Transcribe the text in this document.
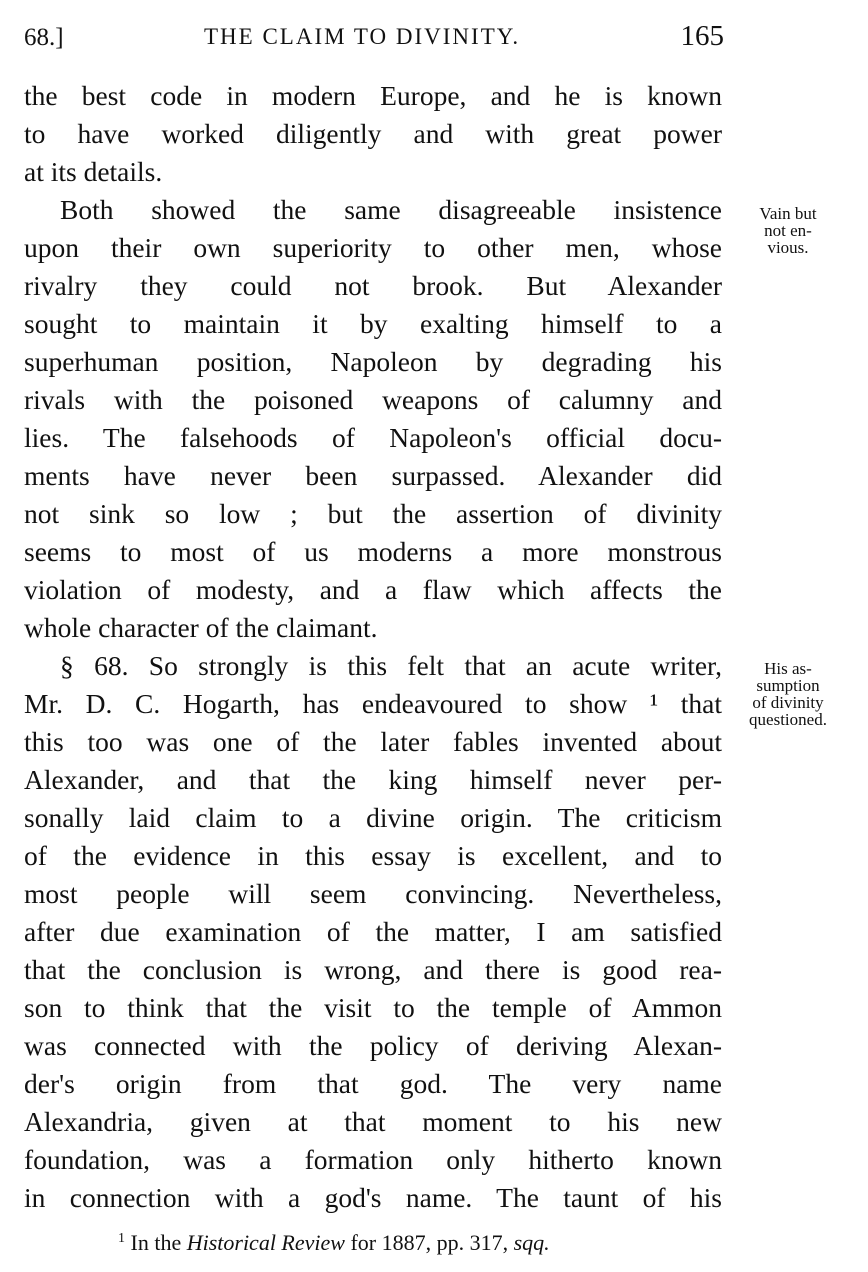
68.]	THE CLAIM TO DIVINITY.	165
the best code in modern Europe, and he is known
to have worked diligently and with great power
at its details.
Both showed the same disagreeable insistence
upon their own superiority to other men, whose
rivalry they could not brook. But Alexander
sought to maintain it by exalting himself to a
superhuman position, Napoleon by degrading his
rivals with the poisoned weapons of calumny and
lies. The falsehoods of Napoleon's official docu-
ments have never been surpassed. Alexander did
not sink so low ; but the assertion of divinity
seems to most of us moderns a more monstrous
violation of modesty, and a flaw which affects the
whole character of the claimant.
§ 68. So strongly is this felt that an acute writer,
Mr. D. C. Hogarth, has endeavoured to show ¹ that
this too was one of the later fables invented about
Alexander, and that the king himself never per-
sonally laid claim to a divine origin. The criticism
of the evidence in this essay is excellent, and to
most people will seem convincing. Nevertheless,
after due examination of the matter, I am satisfied
that the conclusion is wrong, and there is good rea-
son to think that the visit to the temple of Ammon
was connected with the policy of deriving Alexan-
der's origin from that god. The very name
Alexandria, given at that moment to his new
foundation, was a formation only hitherto known
in connection with a god's name. The taunt of his
Vain but
not en-
vious.
His as-
sumption
of divinity
questioned.
$^1$ In the Historical Review for 1887, pp. 317, sqq.
